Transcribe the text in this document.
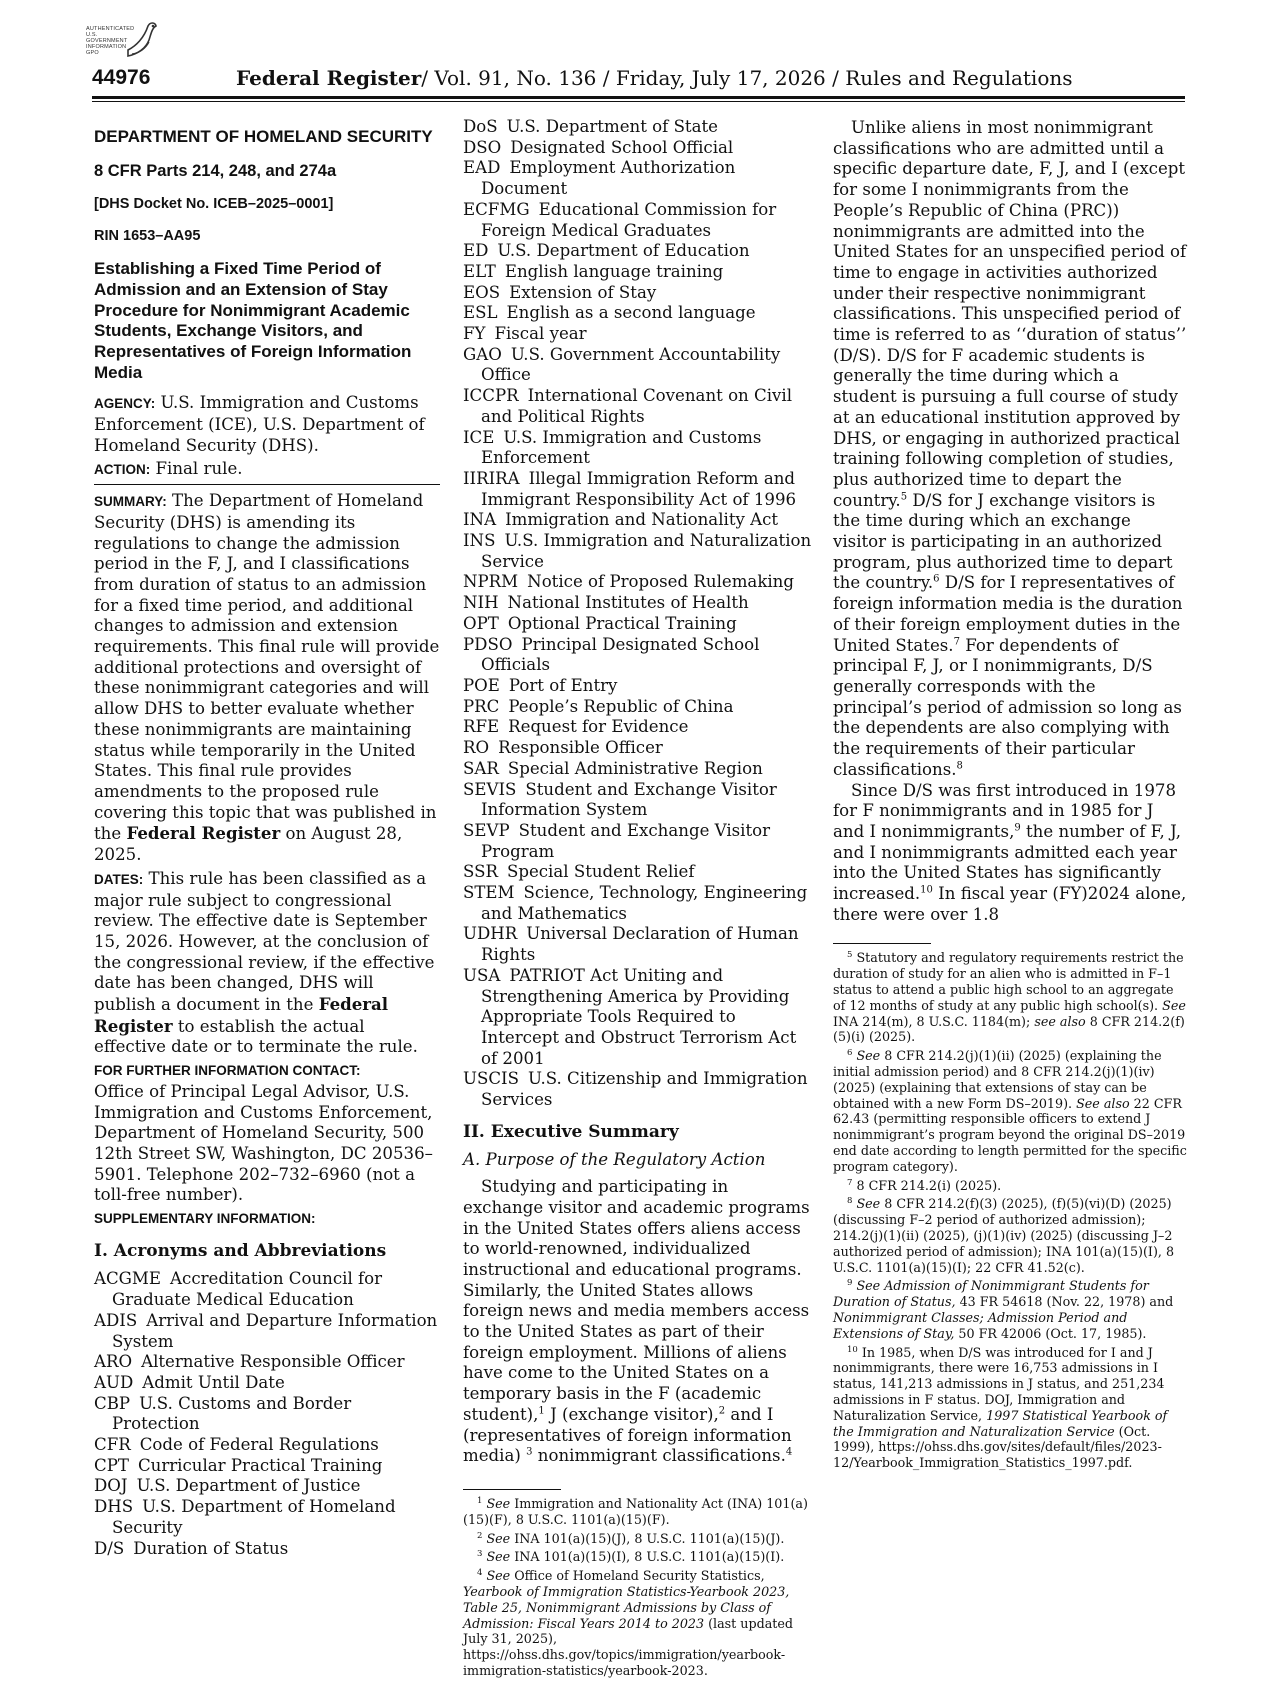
AUTHENTICATED U.S. GOVERNMENT INFORMATION GPO
44976	Federal Register/ Vol. 91, No. 136 / Friday, July 17, 2026 / Rules and Regulations
DEPARTMENT OF HOMELAND SECURITY
8 CFR Parts 214, 248, and 274a
[DHS Docket No. ICEB–2025–0001]
RIN 1653–AA95
Establishing a Fixed Time Period of Admission and an Extension of Stay Procedure for Nonimmigrant Academic Students, Exchange Visitors, and Representatives of Foreign Information Media

AGENCY: U.S. Immigration and Customs Enforcement (ICE), U.S. Department of Homeland Security (DHS).

ACTION: Final rule.

SUMMARY: The Department of Homeland Security (DHS) is amending its regulations to change the admission period in the F, J, and I classifications from duration of status to an admission for a fixed time period, and additional changes to admission and extension requirements. This final rule will provide additional protections and oversight of these nonimmigrant categories and will allow DHS to better evaluate whether these nonimmigrants are maintaining status while temporarily in the United States. This final rule provides amendments to the proposed rule covering this topic that was published in the Federal Register on August 28, 2025.

DATES: This rule has been classified as a major rule subject to congressional review. The effective date is September 15, 2026. However, at the conclusion of the congressional review, if the effective date has been changed, DHS will publish a document in the Federal Register to establish the actual effective date or to terminate the rule.

FOR FURTHER INFORMATION CONTACT:

Office of Principal Legal Advisor, U.S. Immigration and Customs Enforcement, Department of Homeland Security, 500 12th Street SW, Washington, DC 20536–5901. Telephone 202–732–6960 (not a toll-free number).

SUPPLEMENTARY INFORMATION:

I. Acronyms and Abbreviations
ACGME Accreditation Council for Graduate Medical Education
ADIS Arrival and Departure Information System
ARO Alternative Responsible Officer
AUD Admit Until Date
CBP U.S. Customs and Border Protection
CFR Code of Federal Regulations
CPT Curricular Practical Training
DOJ U.S. Department of Justice
DHS U.S. Department of Homeland Security
D/S Duration of Status
DoS U.S. Department of State
DSO Designated School Official
EAD Employment Authorization Document
ECFMG Educational Commission for Foreign Medical Graduates
ED U.S. Department of Education
ELT English language training
EOS Extension of Stay
ESL English as a second language
FY Fiscal year
GAO U.S. Government Accountability Office
ICCPR International Covenant on Civil and Political Rights
ICE U.S. Immigration and Customs Enforcement
IIRIRA Illegal Immigration Reform and Immigrant Responsibility Act of 1996
INA Immigration and Nationality Act
INS U.S. Immigration and Naturalization Service
NPRM Notice of Proposed Rulemaking
NIH National Institutes of Health
OPT Optional Practical Training
PDSO Principal Designated School Officials
POE Port of Entry
PRC People’s Republic of China
RFE Request for Evidence
RO Responsible Officer
SAR Special Administrative Region
SEVIS Student and Exchange Visitor Information System
SEVP Student and Exchange Visitor Program
SSR Special Student Relief
STEM Science, Technology, Engineering and Mathematics
UDHR Universal Declaration of Human Rights
USA PATRIOT Act Uniting and Strengthening America by Providing Appropriate Tools Required to Intercept and Obstruct Terrorism Act of 2001
USCIS U.S. Citizenship and Immigration Services
II. Executive Summary
A. Purpose of the Regulatory Action

Studying and participating in exchange visitor and academic programs in the United States offers aliens access to world-renowned, individualized instructional and educational programs. Similarly, the United States allows foreign news and media members access to the United States as part of their foreign employment. Millions of aliens have come to the United States on a temporary basis in the F (academic student),$^1$ J (exchange visitor),$^2$ and I (representatives of foreign information media) $^3$ nonimmigrant classifications.$^4$

$^1$ See Immigration and Nationality Act (INA) 101(a)(15)(F), 8 U.S.C. 1101(a)(15)(F).

$^2$ See INA 101(a)(15)(J), 8 U.S.C. 1101(a)(15)(J).

$^3$ See INA 101(a)(15)(I), 8 U.S.C. 1101(a)(15)(I).

$^4$ See Office of Homeland Security Statistics, Yearbook of Immigration Statistics-Yearbook 2023, Table 25, Nonimmigrant Admissions by Class of Admission: Fiscal Years 2014 to 2023 (last updated July 31, 2025), https://ohss.dhs.gov/topics/immigration/yearbook-immigration-statistics/yearbook-2023.

Unlike aliens in most nonimmigrant classifications who are admitted until a specific departure date, F, J, and I (except for some I nonimmigrants from the People’s Republic of China (PRC)) nonimmigrants are admitted into the United States for an unspecified period of time to engage in activities authorized under their respective nonimmigrant classifications. This unspecified period of time is referred to as ‘‘duration of status’’ (D/S). D/S for F academic students is generally the time during which a student is pursuing a full course of study at an educational institution approved by DHS, or engaging in authorized practical training following completion of studies, plus authorized time to depart the country.$^5$ D/S for J exchange visitors is the time during which an exchange visitor is participating in an authorized program, plus authorized time to depart the country.$^6$ D/S for I representatives of foreign information media is the duration of their foreign employment duties in the United States.$^7$ For dependents of principal F, J, or I nonimmigrants, D/S generally corresponds with the principal’s period of admission so long as the dependents are also complying with the requirements of their particular classifications.$^8$

Since D/S was first introduced in 1978 for F nonimmigrants and in 1985 for J and I nonimmigrants,$^9$ the number of F, J, and I nonimmigrants admitted each year into the United States has significantly increased.$^{10}$ In fiscal year (FY)2024 alone, there were over 1.8

$^5$ Statutory and regulatory requirements restrict the duration of study for an alien who is admitted in F–1 status to attend a public high school to an aggregate of 12 months of study at any public high school(s). See INA 214(m), 8 U.S.C. 1184(m); see also 8 CFR 214.2(f)(5)(i) (2025).

$^6$ See 8 CFR 214.2(j)(1)(ii) (2025) (explaining the initial admission period) and 8 CFR 214.2(j)(1)(iv) (2025) (explaining that extensions of stay can be obtained with a new Form DS–2019). See also 22 CFR 62.43 (permitting responsible officers to extend J nonimmigrant’s program beyond the original DS–2019 end date according to length permitted for the specific program category).

$^7$ 8 CFR 214.2(i) (2025).

$^8$ See 8 CFR 214.2(f)(3) (2025), (f)(5)(vi)(D) (2025) (discussing F–2 period of authorized admission); 214.2(j)(1)(ii) (2025), (j)(1)(iv) (2025) (discussing J–2 authorized period of admission); INA 101(a)(15)(I), 8 U.S.C. 1101(a)(15)(I); 22 CFR 41.52(c).

$^9$ See Admission of Nonimmigrant Students for Duration of Status, 43 FR 54618 (Nov. 22, 1978) and Nonimmigrant Classes; Admission Period and Extensions of Stay, 50 FR 42006 (Oct. 17, 1985).

$^{10}$ In 1985, when D/S was introduced for I and J nonimmigrants, there were 16,753 admissions in I status, 141,213 admissions in J status, and 251,234 admissions in F status. DOJ, Immigration and Naturalization Service, 1997 Statistical Yearbook of the Immigration and Naturalization Service (Oct. 1999), https://ohss.dhs.gov/sites/default/files/2023-12/Yearbook_Immigration_Statistics_1997.pdf.
